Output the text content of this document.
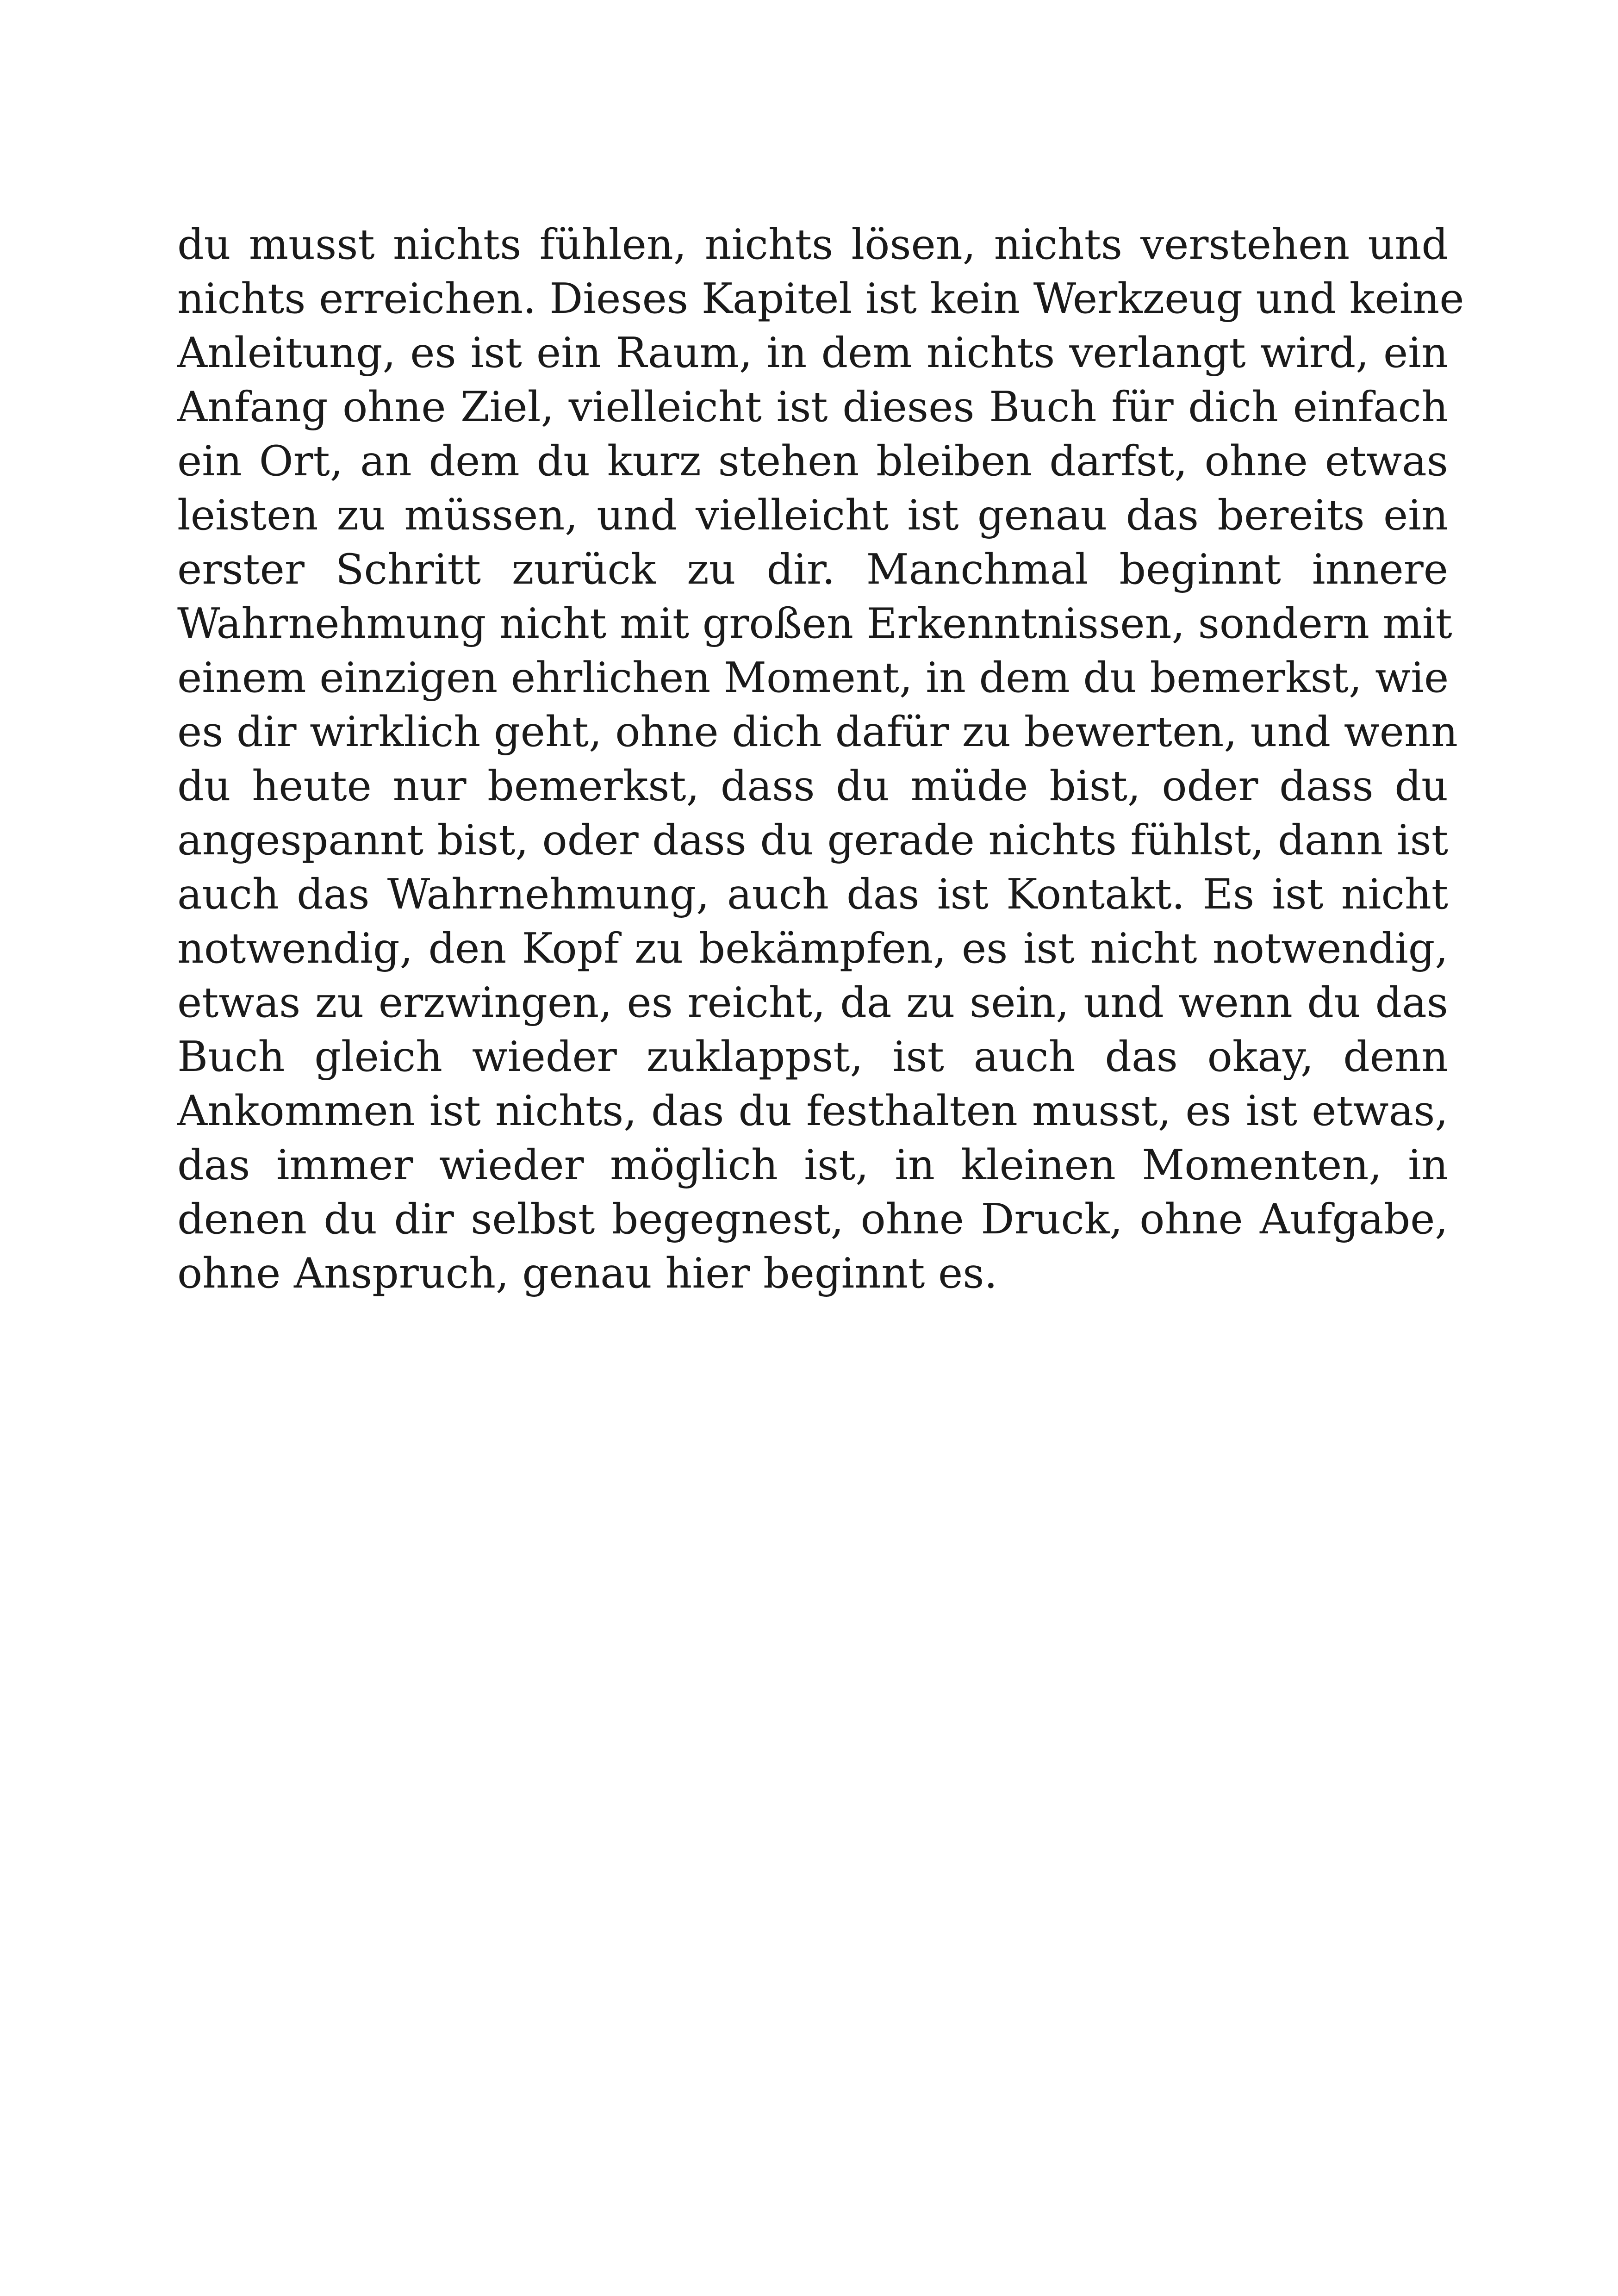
du musst nichts fühlen, nichts lösen, nichts verstehen und
nichts erreichen. Dieses Kapitel ist kein Werkzeug und keine
Anleitung, es ist ein Raum, in dem nichts verlangt wird, ein
Anfang ohne Ziel, vielleicht ist dieses Buch für dich einfach
ein Ort, an dem du kurz stehen bleiben darfst, ohne etwas
leisten zu müssen, und vielleicht ist genau das bereits ein
erster Schritt zurück zu dir. Manchmal beginnt innere
Wahrnehmung nicht mit großen Erkenntnissen, sondern mit
einem einzigen ehrlichen Moment, in dem du bemerkst, wie
es dir wirklich geht, ohne dich dafür zu bewerten, und wenn
du heute nur bemerkst, dass du müde bist, oder dass du
angespannt bist, oder dass du gerade nichts fühlst, dann ist
auch das Wahrnehmung, auch das ist Kontakt. Es ist nicht
notwendig, den Kopf zu bekämpfen, es ist nicht notwendig,
etwas zu erzwingen, es reicht, da zu sein, und wenn du das
Buch gleich wieder zuklappst, ist auch das okay, denn
Ankommen ist nichts, das du festhalten musst, es ist etwas,
das immer wieder möglich ist, in kleinen Momenten, in
denen du dir selbst begegnest, ohne Druck, ohne Aufgabe,
ohne Anspruch, genau hier beginnt es.
